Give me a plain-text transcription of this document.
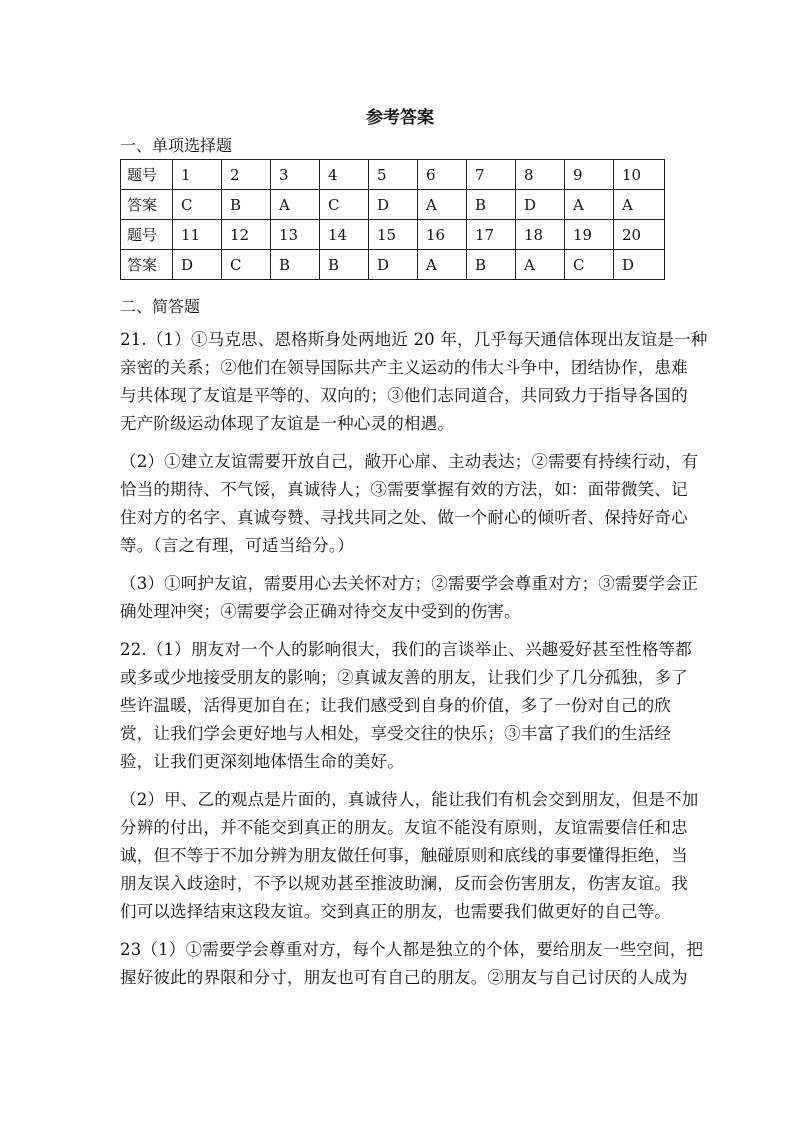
参考答案
一、单项选择题
题号	1	2	3	4	5	6	7	8	9	10
答案	C	B	A	C	D	A	B	D	A	A
题号	11	12	13	14	15	16	17	18	19	20
答案	D	C	B	B	D	A	B	A	C	D
二、简答题
21.（1）①马克思、恩格斯身处两地近 20 年，几乎每天通信体现出友谊是一种
亲密的关系；②他们在领导国际共产主义运动的伟大斗争中，团结协作，患难
与共体现了友谊是平等的、双向的；③他们志同道合，共同致力于指导各国的
无产阶级运动体现了友谊是一种心灵的相遇。
（2）①建立友谊需要开放自己，敞开心扉、主动表达；②需要有持续行动，有
恰当的期待、不气馁，真诚待人；③需要掌握有效的方法，如：面带微笑、记
住对方的名字、真诚夸赞、寻找共同之处、做一个耐心的倾听者、保持好奇心
等。（言之有理，可适当给分。）
（3）①呵护友谊，需要用心去关怀对方；②需要学会尊重对方；③需要学会正
确处理冲突；④需要学会正确对待交友中受到的伤害。
22.（1）朋友对一个人的影响很大，我们的言谈举止、兴趣爱好甚至性格等都
或多或少地接受朋友的影响；②真诚友善的朋友，让我们少了几分孤独，多了
些许温暖，活得更加自在；让我们感受到自身的价值，多了一份对自己的欣
赏，让我们学会更好地与人相处，享受交往的快乐；③丰富了我们的生活经
验，让我们更深刻地体悟生命的美好。
（2）甲、乙的观点是片面的，真诚待人，能让我们有机会交到朋友，但是不加
分辨的付出，并不能交到真正的朋友。友谊不能没有原则，友谊需要信任和忠
诚，但不等于不加分辨为朋友做任何事，触碰原则和底线的事要懂得拒绝，当
朋友误入歧途时，不予以规劝甚至推波助澜，反而会伤害朋友，伤害友谊。我
们可以选择结束这段友谊。交到真正的朋友，也需要我们做更好的自己等。
23（1）①需要学会尊重对方，每个人都是独立的个体，要给朋友一些空间，把
握好彼此的界限和分寸，朋友也可有自己的朋友。②朋友与自己讨厌的人成为
